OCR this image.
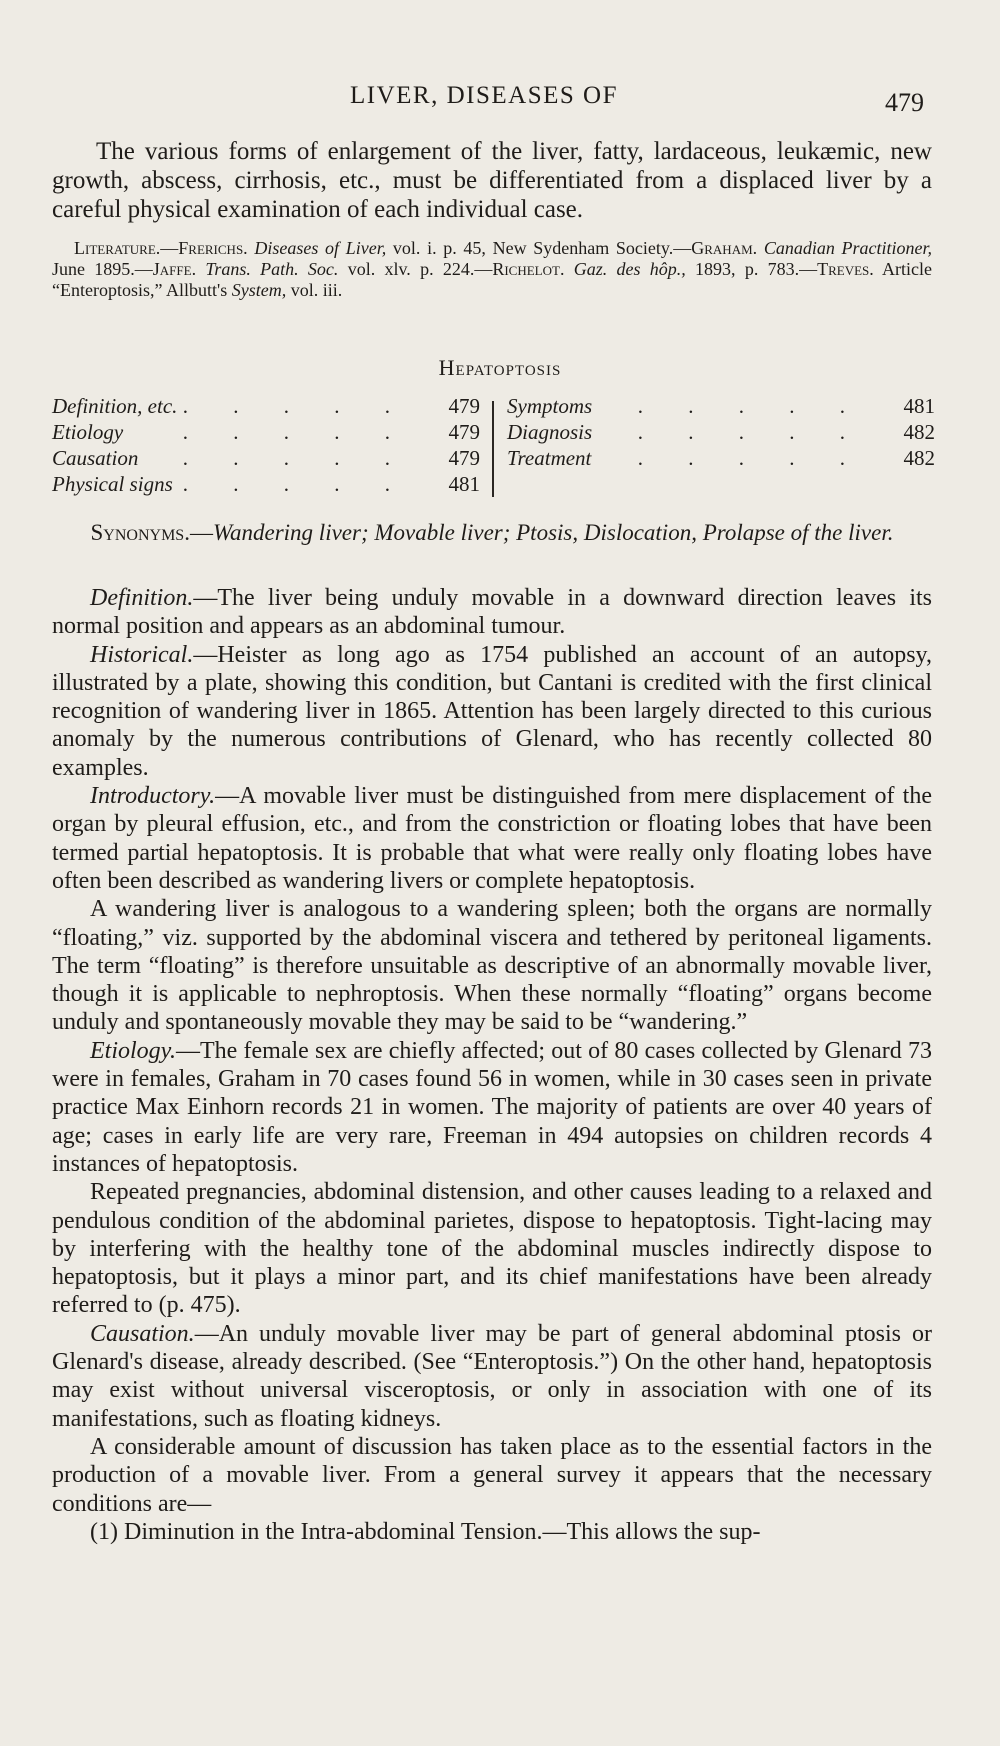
LIVER, DISEASES OF	479
The various forms of enlargement of the liver, fatty, lardaceous, leukæmic, new growth, abscess, cirrhosis, etc., must be differentiated from a displaced liver by a careful physical examination of each individual case.
Literature.—Frerichs. Diseases of Liver, vol. i. p. 45, New Sydenham Society.—Graham. Canadian Practitioner, June 1895.—Jaffe. Trans. Path. Soc. vol. xlv. p. 224.—Richelot. Gaz. des hôp., 1893, p. 783.—Treves. Article “Enteroptosis,” Allbutt's System, vol. iii.
Hepatoptosis
Definition, etc. . . . . . 479
Etiology	. . . . . 479
Causation . . . . . 479
Physical signs . . . . . 481
Symptoms . . . . . 481
Diagnosis . . . . . 482
Treatment . . . . . 482
Synonyms.—Wandering liver; Movable liver; Ptosis, Dislocation, Prolapse of the liver.

Definition.—The liver being unduly movable in a downward direction leaves its normal position and appears as an abdominal tumour.

Historical.—Heister as long ago as 1754 published an account of an autopsy, illustrated by a plate, showing this condition, but Cantani is credited with the first clinical recognition of wandering liver in 1865. Attention has been largely directed to this curious anomaly by the numerous contributions of Glenard, who has recently collected 80 examples.

Introductory.—A movable liver must be distinguished from mere displacement of the organ by pleural effusion, etc., and from the constriction or floating lobes that have been termed partial hepatoptosis. It is probable that what were really only floating lobes have often been described as wandering livers or complete hepatoptosis.

A wandering liver is analogous to a wandering spleen; both the organs are normally “floating,” viz. supported by the abdominal viscera and tethered by peritoneal ligaments. The term “floating” is therefore unsuitable as descriptive of an abnormally movable liver, though it is applicable to nephroptosis. When these normally “floating” organs become unduly and spontaneously movable they may be said to be “wandering.”

Etiology.—The female sex are chiefly affected; out of 80 cases collected by Glenard 73 were in females, Graham in 70 cases found 56 in women, while in 30 cases seen in private practice Max Einhorn records 21 in women. The majority of patients are over 40 years of age; cases in early life are very rare, Freeman in 494 autopsies on children records 4 instances of hepatoptosis.

Repeated pregnancies, abdominal distension, and other causes leading to a relaxed and pendulous condition of the abdominal parietes, dispose to hepatoptosis. Tight-lacing may by interfering with the healthy tone of the abdominal muscles indirectly dispose to hepatoptosis, but it plays a minor part, and its chief manifestations have been already referred to (p. 475).

Causation.—An unduly movable liver may be part of general abdominal ptosis or Glenard's disease, already described. (See “Enteroptosis.”) On the other hand, hepatoptosis may exist without universal visceroptosis, or only in association with one of its manifestations, such as floating kidneys.

A considerable amount of discussion has taken place as to the essential factors in the production of a movable liver. From a general survey it appears that the necessary conditions are—

(1) Diminution in the Intra-abdominal Tension.—This allows the sup-
